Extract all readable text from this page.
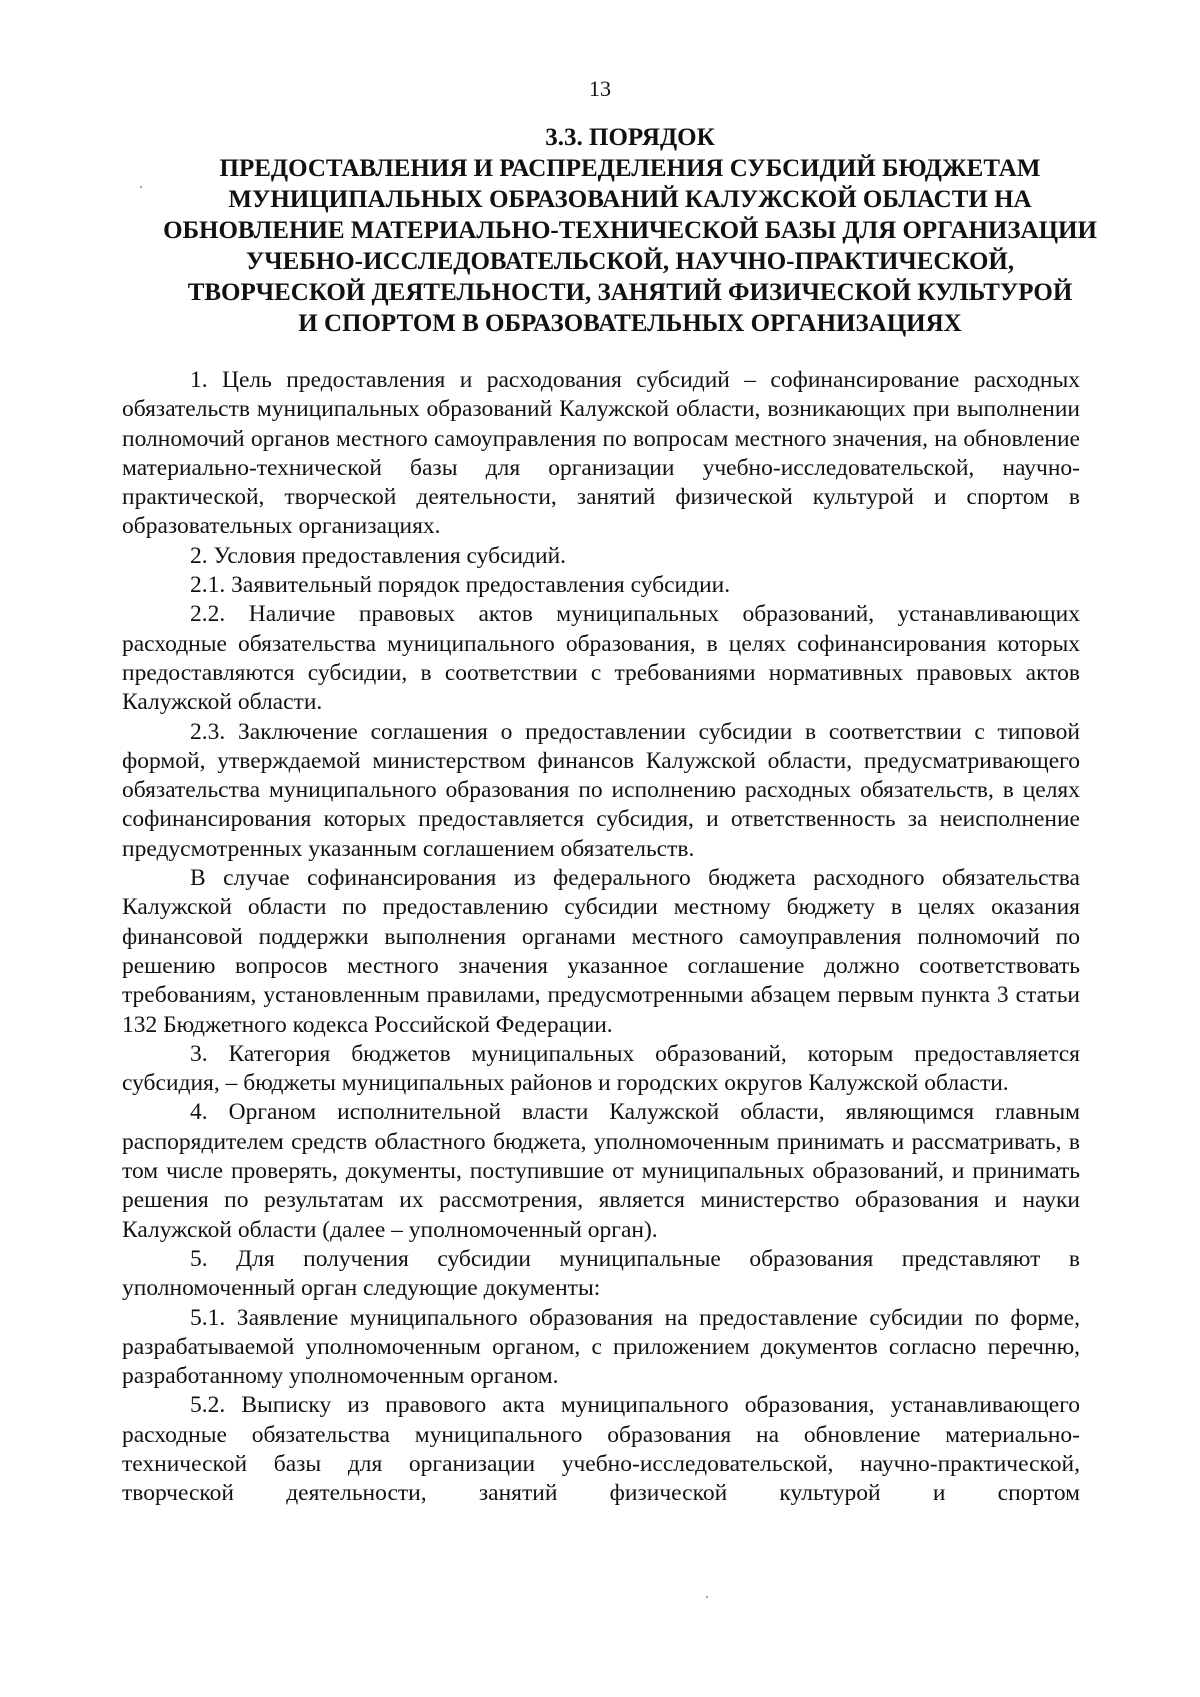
13
3.3. ПОРЯДОК
ПРЕДОСТАВЛЕНИЯ И РАСПРЕДЕЛЕНИЯ СУБСИДИЙ БЮДЖЕТАМ
МУНИЦИПАЛЬНЫХ ОБРАЗОВАНИЙ КАЛУЖСКОЙ ОБЛАСТИ НА
ОБНОВЛЕНИЕ МАТЕРИАЛЬНО-ТЕХНИЧЕСКОЙ БАЗЫ ДЛЯ ОРГАНИЗАЦИИ
УЧЕБНО-ИССЛЕДОВАТЕЛЬСКОЙ, НАУЧНО-ПРАКТИЧЕСКОЙ,
ТВОРЧЕСКОЙ ДЕЯТЕЛЬНОСТИ, ЗАНЯТИЙ ФИЗИЧЕСКОЙ КУЛЬТУРОЙ
И СПОРТОМ В ОБРАЗОВАТЕЛЬНЫХ ОРГАНИЗАЦИЯХ

1. Цель предоставления и расходования субсидий – софинансирование расходных обязательств муниципальных образований Калужской области, возникающих при выполнении полномочий органов местного самоуправления по вопросам местного значения, на обновление материально-технической базы для организации учебно-исследовательской, научно-практической, творческой деятельности, занятий физической культурой и спортом в образовательных организациях.

2. Условия предоставления субсидий.

2.1. Заявительный порядок предоставления субсидии.

2.2. Наличие правовых актов муниципальных образований, устанавливающих расходные обязательства муниципального образования, в целях софинансирования которых предоставляются субсидии, в соответствии с требованиями нормативных правовых актов Калужской области.

2.3. Заключение соглашения о предоставлении субсидии в соответствии с типовой формой, утверждаемой министерством финансов Калужской области, предусматривающего обязательства муниципального образования по исполнению расходных обязательств, в целях софинансирования которых предоставляется субсидия, и ответственность за неисполнение предусмотренных указанным соглашением обязательств.

В случае софинансирования из федерального бюджета расходного обязательства Калужской области по предоставлению субсидии местному бюджету в целях оказания финансовой поддержки выполнения органами местного самоуправления полномочий по решению вопросов местного значения указанное соглашение должно соответствовать требованиям, установленным правилами, предусмотренными абзацем первым пункта 3 статьи 132 Бюджетного кодекса Российской Федерации.

3. Категория бюджетов муниципальных образований, которым предоставляется субсидия, – бюджеты муниципальных районов и городских округов Калужской области.

4. Органом исполнительной власти Калужской области, являющимся главным распорядителем средств областного бюджета, уполномоченным принимать и рассматривать, в том числе проверять, документы, поступившие от муниципальных образований, и принимать решения по результатам их рассмотрения, является министерство образования и науки Калужской области (далее – уполномоченный орган).

5. Для получения субсидии муниципальные образования представляют в уполномоченный орган следующие документы:

5.1. Заявление муниципального образования на предоставление субсидии по форме, разрабатываемой уполномоченным органом, с приложением документов согласно перечню, разработанному уполномоченным органом.

5.2. Выписку из правового акта муниципального образования, устанавливающего расходные обязательства муниципального образования на обновление материально-технической базы для организации учебно-исследовательской, научно-практической, творческой деятельности, занятий физической культурой и спортом
